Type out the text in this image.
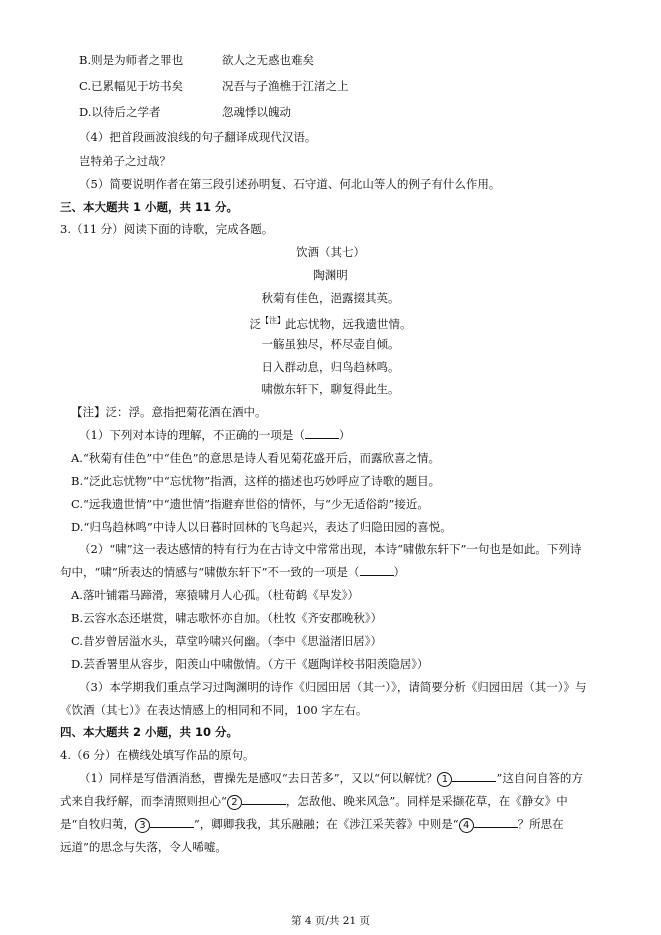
B.则是为师者之罪也	欲人之无惑也难矣
C.已累幅见于坊书矣	况吾与子渔樵于江渚之上
D.以待后之学者	忽魂悸以魄动
（4）把首段画波浪线的句子翻译成现代汉语。
岂特弟子之过哉？
（5）简要说明作者在第三段引述孙明复、石守道、何北山等人的例子有什么作用。
三、本大题共 1 小题，共 11 分。
3.（11 分）阅读下面的诗歌，完成各题。
饮酒（其七）
陶渊明
秋菊有佳色，浥露掇其英。
泛$^{【注】}$此忘忧物，远我遗世情。
一觞虽独尽，杯尽壶自倾。
日入群动息，归鸟趋林鸣。
啸傲东轩下，聊复得此生。
【注】泛：浮。意指把菊花酒在酒中。
（1）下列对本诗的理解，不正确的一项是（	）
A.“秋菊有佳色”中“佳色”的意思是诗人看见菊花盛开后，而露欣喜之情。
B.“泛此忘忧物”中“忘忧物”指酒，这样的描述也巧妙呼应了诗歌的题目。
C.“远我遗世情”中“遗世情”指避弃世俗的情怀，与“少无适俗韵”接近。
D.“归鸟趋林鸣”中诗人以日暮时回林的飞鸟起兴，表达了归隐田园的喜悦。
（2）“啸”这一表达感情的特有行为在古诗文中常常出现，本诗“啸傲东轩下”一句也是如此。下列诗
句中，“啸”所表达的情感与“啸傲东轩下”不一致的一项是（	）
A.落叶铺霜马蹄滑，寒猿啸月人心孤。（杜荀鹤《早发》）
B.云容水态还堪赏，啸志歌怀亦自加。（杜牧《齐安郡晚秋》）
C.昔岁曾居溢水头，草堂吟啸兴何幽。（李中《思溢渚旧居》）
D.芸香署里从容步，阳羡山中啸傲情。（方干《题陶详校书阳羡隐居》）
（3）本学期我们重点学习过陶渊明的诗作《归园田居（其一）》，请简要分析《归园田居（其一）》与
《饮酒（其七）》在表达情感上的相同和不同，100 字左右。
四、本大题共 2 小题，共 10 分。
4.（6 分）在横线处填写作品的原句。
（1）同样是写借酒消愁，曹操先是感叹“去日苦多”，又以“何以解忧？ 1	”这自问自答的方
式来自我纾解，而李清照则担心“ 2	，怎敌他、晚来风急”。同样是采撷花草，在《静女》中
是“自牧归荑， 3	”，卿卿我我，其乐融融；在《涉江采芙蓉》中则是“ 4	？所思在
远道”的思念与失落，令人唏嘘。
第 4 页/共 21 页
